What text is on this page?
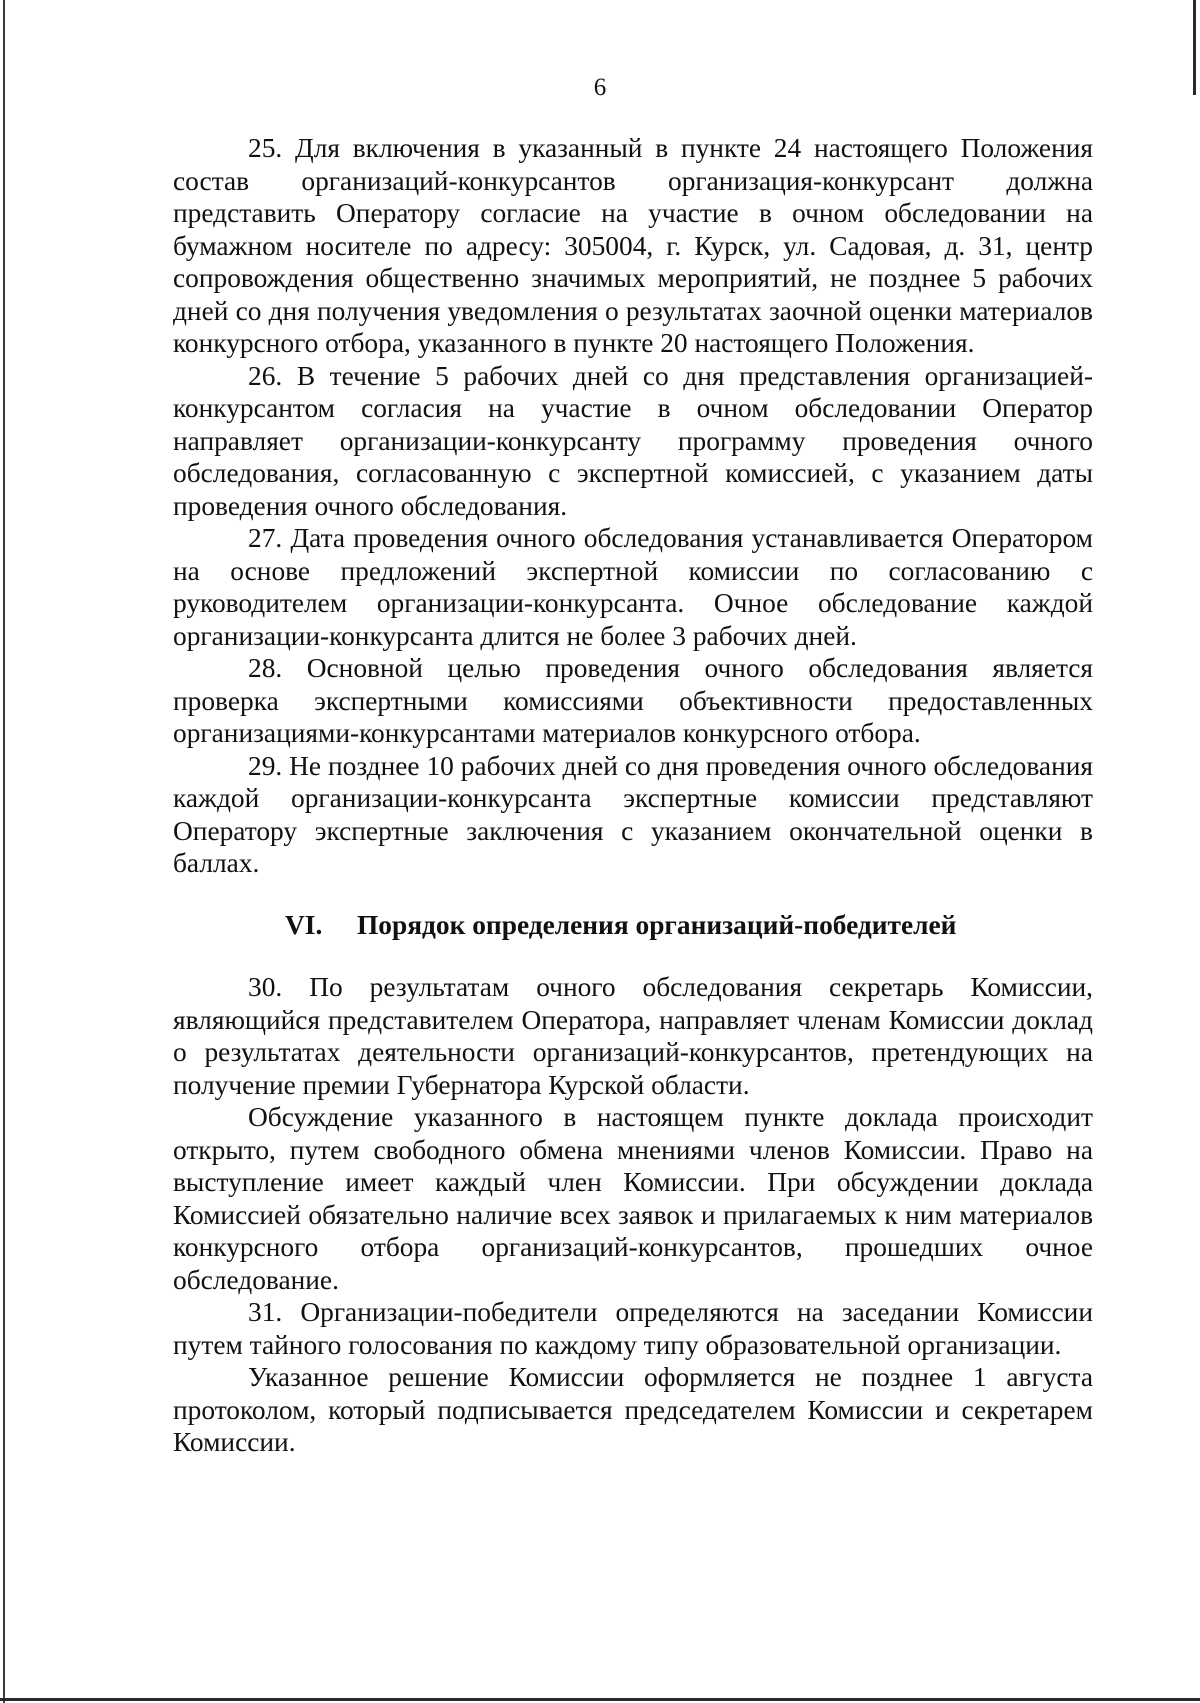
6

25. Для включения в указанный в пункте 24 настоящего Положения состав организаций-конкурсантов организация-конкурсант должна представить Оператору согласие на участие в очном обследовании на бумажном носителе по адресу: 305004, г. Курск, ул. Садовая, д. 31, центр сопровождения общественно значимых мероприятий, не позднее 5 рабочих дней со дня получения уведомления о результатах заочной оценки материалов конкурсного отбора, указанного в пункте 20 настоящего Положения.

26. В течение 5 рабочих дней со дня представления организацией-конкурсантом согласия на участие в очном обследовании Оператор направляет организации-конкурсанту программу проведения очного обследования, согласованную с экспертной комиссией, с указанием даты проведения очного обследования.

27. Дата проведения очного обследования устанавливается Оператором на основе предложений экспертной комиссии по согласованию с руководителем организации-конкурсанта. Очное обследование каждой организации-конкурсанта длится не более 3 рабочих дней.

28. Основной целью проведения очного обследования является проверка экспертными комиссиями объективности предоставленных организациями-конкурсантами материалов конкурсного отбора.

29. Не позднее 10 рабочих дней со дня проведения очного обследования каждой организации-конкурсанта экспертные комиссии представляют Оператору экспертные заключения с указанием окончательной оценки в баллах.

VI. Порядок определения организаций-победителей

30. По результатам очного обследования секретарь Комиссии, являющийся представителем Оператора, направляет членам Комиссии доклад о результатах деятельности организаций-конкурсантов, претендующих на получение премии Губернатора Курской области.

Обсуждение указанного в настоящем пункте доклада происходит открыто, путем свободного обмена мнениями членов Комиссии. Право на выступление имеет каждый член Комиссии. При обсуждении доклада Комиссией обязательно наличие всех заявок и прилагаемых к ним материалов конкурсного отбора организаций-конкурсантов, прошедших очное обследование.

31. Организации-победители определяются на заседании Комиссии путем тайного голосования по каждому типу образовательной организации.

Указанное решение Комиссии оформляется не позднее 1 августа протоколом, который подписывается председателем Комиссии и секретарем Комиссии.
